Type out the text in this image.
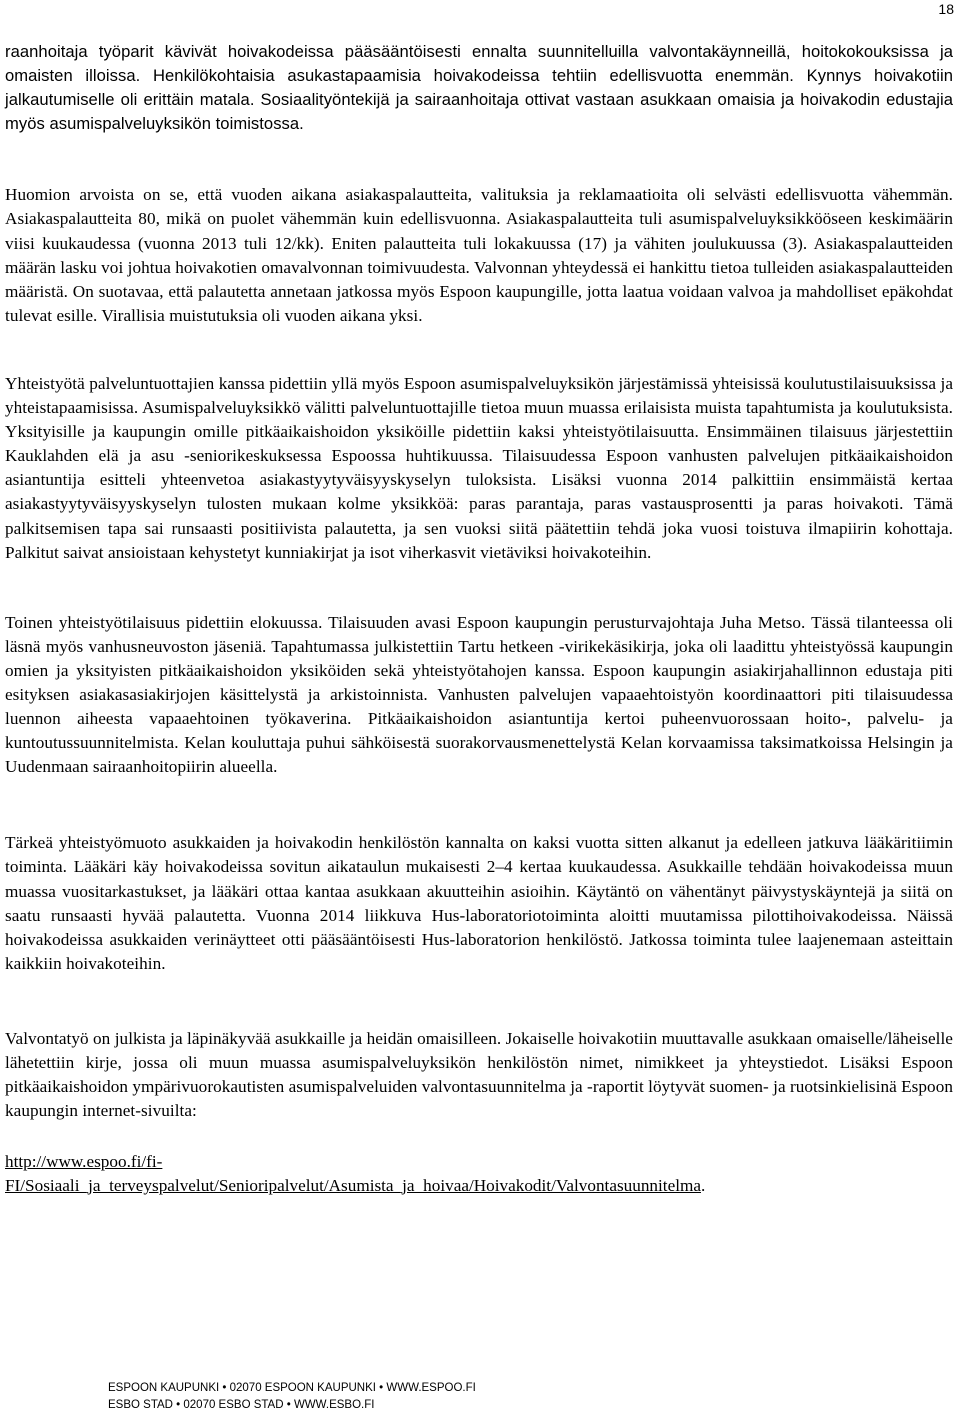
18

raanhoitaja työparit kävivät hoivakodeissa pääsääntöisesti ennalta suunnitelluilla valvontakäynneillä, hoitokokouksissa ja omaisten illoissa. Henkilökohtaisia asukastapaamisia hoivakodeissa tehtiin edellisvuotta enemmän. Kynnys hoivakotiin jalkautumiselle oli erittäin matala. Sosiaalityöntekijä ja sairaanhoitaja ottivat vastaan asukkaan omaisia ja hoivakodin edustajia myös asumispalveluyksikön toimistossa.

Huomion arvoista on se, että vuoden aikana asiakaspalautteita, valituksia ja reklamaatioita oli selvästi edellisvuotta vähemmän. Asiakaspalautteita 80, mikä on puolet vähemmän kuin edellisvuonna. Asiakaspalautteita tuli asumispalveluyksikkööseen keskimäärin viisi kuukaudessa (vuonna 2013 tuli 12/kk). Eniten palautteita tuli lokakuussa (17) ja vähiten joulukuussa (3). Asiakaspalautteiden määrän lasku voi johtua hoivakotien omavalvonnan toimivuudesta. Valvonnan yhteydessä ei hankittu tietoa tulleiden asiakaspalautteiden määristä. On suotavaa, että palautetta annetaan jatkossa myös Espoon kaupungille, jotta laatua voidaan valvoa ja mahdolliset epäkohdat tulevat esille. Virallisia muistutuksia oli vuoden aikana yksi.

Yhteistyötä palveluntuottajien kanssa pidettiin yllä myös Espoon asumispalveluyksikön järjestämissä yhteisissä koulutustilaisuuksissa ja yhteistapaamisissa. Asumispalveluyksikkö välitti palveluntuottajille tietoa muun muassa erilaisista muista tapahtumista ja koulutuksista. Yksityisille ja kaupungin omille pitkäaikaishoidon yksiköille pidettiin kaksi yhteistyötilaisuutta. Ensimmäinen tilaisuus järjestettiin Kauklahden elä ja asu -seniorikeskuksessa Espoossa huhtikuussa. Tilaisuudessa Espoon vanhusten palvelujen pitkäaikaishoidon asiantuntija esitteli yhteenvetoa asiakastyytyväisyyskyselyn tuloksista. Lisäksi vuonna 2014 palkittiin ensimmäistä kertaa asiakastyytyväisyyskyselyn tulosten mukaan kolme yksikköä: paras parantaja, paras vastausprosentti ja paras hoivakoti. Tämä palkitsemisen tapa sai runsaasti positiivista palautetta, ja sen vuoksi siitä päätettiin tehdä joka vuosi toistuva ilmapiirin kohottaja. Palkitut saivat ansioistaan kehystetyt kunniakirjat ja isot viherkasvit vietäviksi hoivakoteihin.

Toinen yhteistyötilaisuus pidettiin elokuussa. Tilaisuuden avasi Espoon kaupungin perusturvajohtaja Juha Metso. Tässä tilanteessa oli läsnä myös vanhusneuvoston jäseniä. Tapahtumassa julkistettiin Tartu hetkeen -virikekäsikirja, joka oli laadittu yhteistyössä kaupungin omien ja yksityisten pitkäaikaishoidon yksiköiden sekä yhteistyötahojen kanssa. Espoon kaupungin asiakirjahallinnon edustaja piti esityksen asiakasasiakirjojen käsittelystä ja arkistoinnista. Vanhusten palvelujen vapaaehtoistyön koordinaattori piti tilaisuudessa luennon aiheesta vapaaehtoinen työkaverina. Pitkäaikaishoidon asiantuntija kertoi puheenvuorossaan hoito-, palvelu- ja kuntoutussuunnitelmista. Kelan kouluttaja puhui sähköisestä suorakorvausmenettelystä Kelan korvaamissa taksimatkoissa Helsingin ja Uudenmaan sairaanhoitopiirin alueella.

Tärkeä yhteistyömuoto asukkaiden ja hoivakodin henkilöstön kannalta on kaksi vuotta sitten alkanut ja edelleen jatkuva lääkäritiimin toiminta. Lääkäri käy hoivakodeissa sovitun aikataulun mukaisesti 2–4 kertaa kuukaudessa. Asukkaille tehdään hoivakodeissa muun muassa vuositarkastukset, ja lääkäri ottaa kantaa asukkaan akuutteihin asioihin. Käytäntö on vähentänyt päivystyskäyntejä ja siitä on saatu runsaasti hyvää palautetta. Vuonna 2014 liikkuva Hus-laboratoriotoiminta aloitti muutamissa pilottihoivakodeissa. Näissä hoivakodeissa asukkaiden verinäytteet otti pääsääntöisesti Hus-laboratorion henkilöstö. Jatkossa toiminta tulee laajenemaan asteittain kaikkiin hoivakoteihin.

Valvontatyö on julkista ja läpinäkyvää asukkaille ja heidän omaisilleen. Jokaiselle hoivakotiin muuttavalle asukkaan omaiselle/läheiselle lähetettiin kirje, jossa oli muun muassa asumispalveluyksikön henkilöstön nimet, nimikkeet ja yhteystiedot. Lisäksi Espoon pitkäaikaishoidon ympärivuorokautisten asumispalveluiden valvontasuunnitelma ja -raportit löytyvät suomen- ja ruotsinkielisinä Espoon kaupungin internet-sivuilta:

http://www.espoo.fi/fi-
FI/Sosiaali_ja_terveyspalvelut/Senioripalvelut/Asumista_ja_hoivaa/Hoivakodit/Valvontasuunnitelma.
ESPOON KAUPUNKI • 02070 ESPOON KAUPUNKI • WWW.ESPOO.FI
ESBO STAD • 02070 ESBO STAD • WWW.ESBO.FI
